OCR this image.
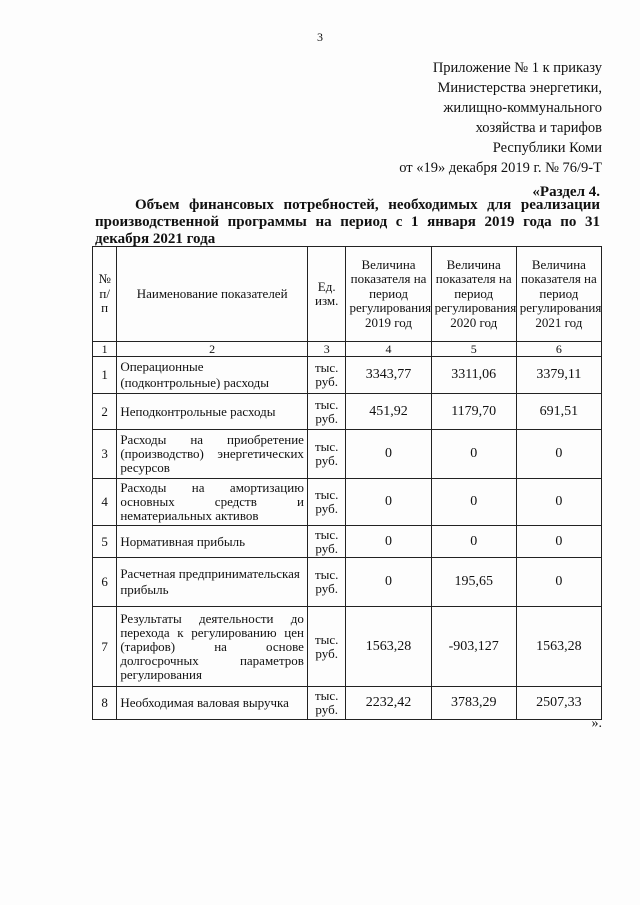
3
Приложение № 1 к приказу
Министерства энергетики,
жилищно-коммунального
хозяйства и тарифов
Республики Коми
от «19» декабря 2019 г. № 76/9-Т
«Раздел 4.
Объем финансовых потребностей, необходимых для реализации производственной программы на период с 1 января 2019 года по 31 декабря 2021 года
№ п/п	Наименование показателей	Ед. изм.	Величина показателя на период регулирования 2019 год	Величина показателя на период регулирования 2020 год	Величина показателя на период регулирования 2021 год
1	2	3	4	5	6
1	Операционные (подконтрольные) расходы	тыс. руб.	3343,77	3311,06	3379,11
2	Неподконтрольные расходы	тыс. руб.	451,92	1179,70	691,51
3	Расходы на приобретение (производство) энергетических ресурсов	тыс. руб.	0	0	0
4	Расходы на амортизацию основных средств и нематериальных активов	тыс. руб.	0	0	0
5	Нормативная прибыль	тыс. руб.	0	0	0
6	Расчетная предпринимательская прибыль	тыс. руб.	0	195,65	0
7	Результаты деятельности до перехода к регулированию цен (тарифов) на основе долгосрочных параметров регулирования	тыс. руб.	1563,28	-903,127	1563,28
8	Необходимая валовая выручка	тыс. руб.	2232,42	3783,29	2507,33
».
